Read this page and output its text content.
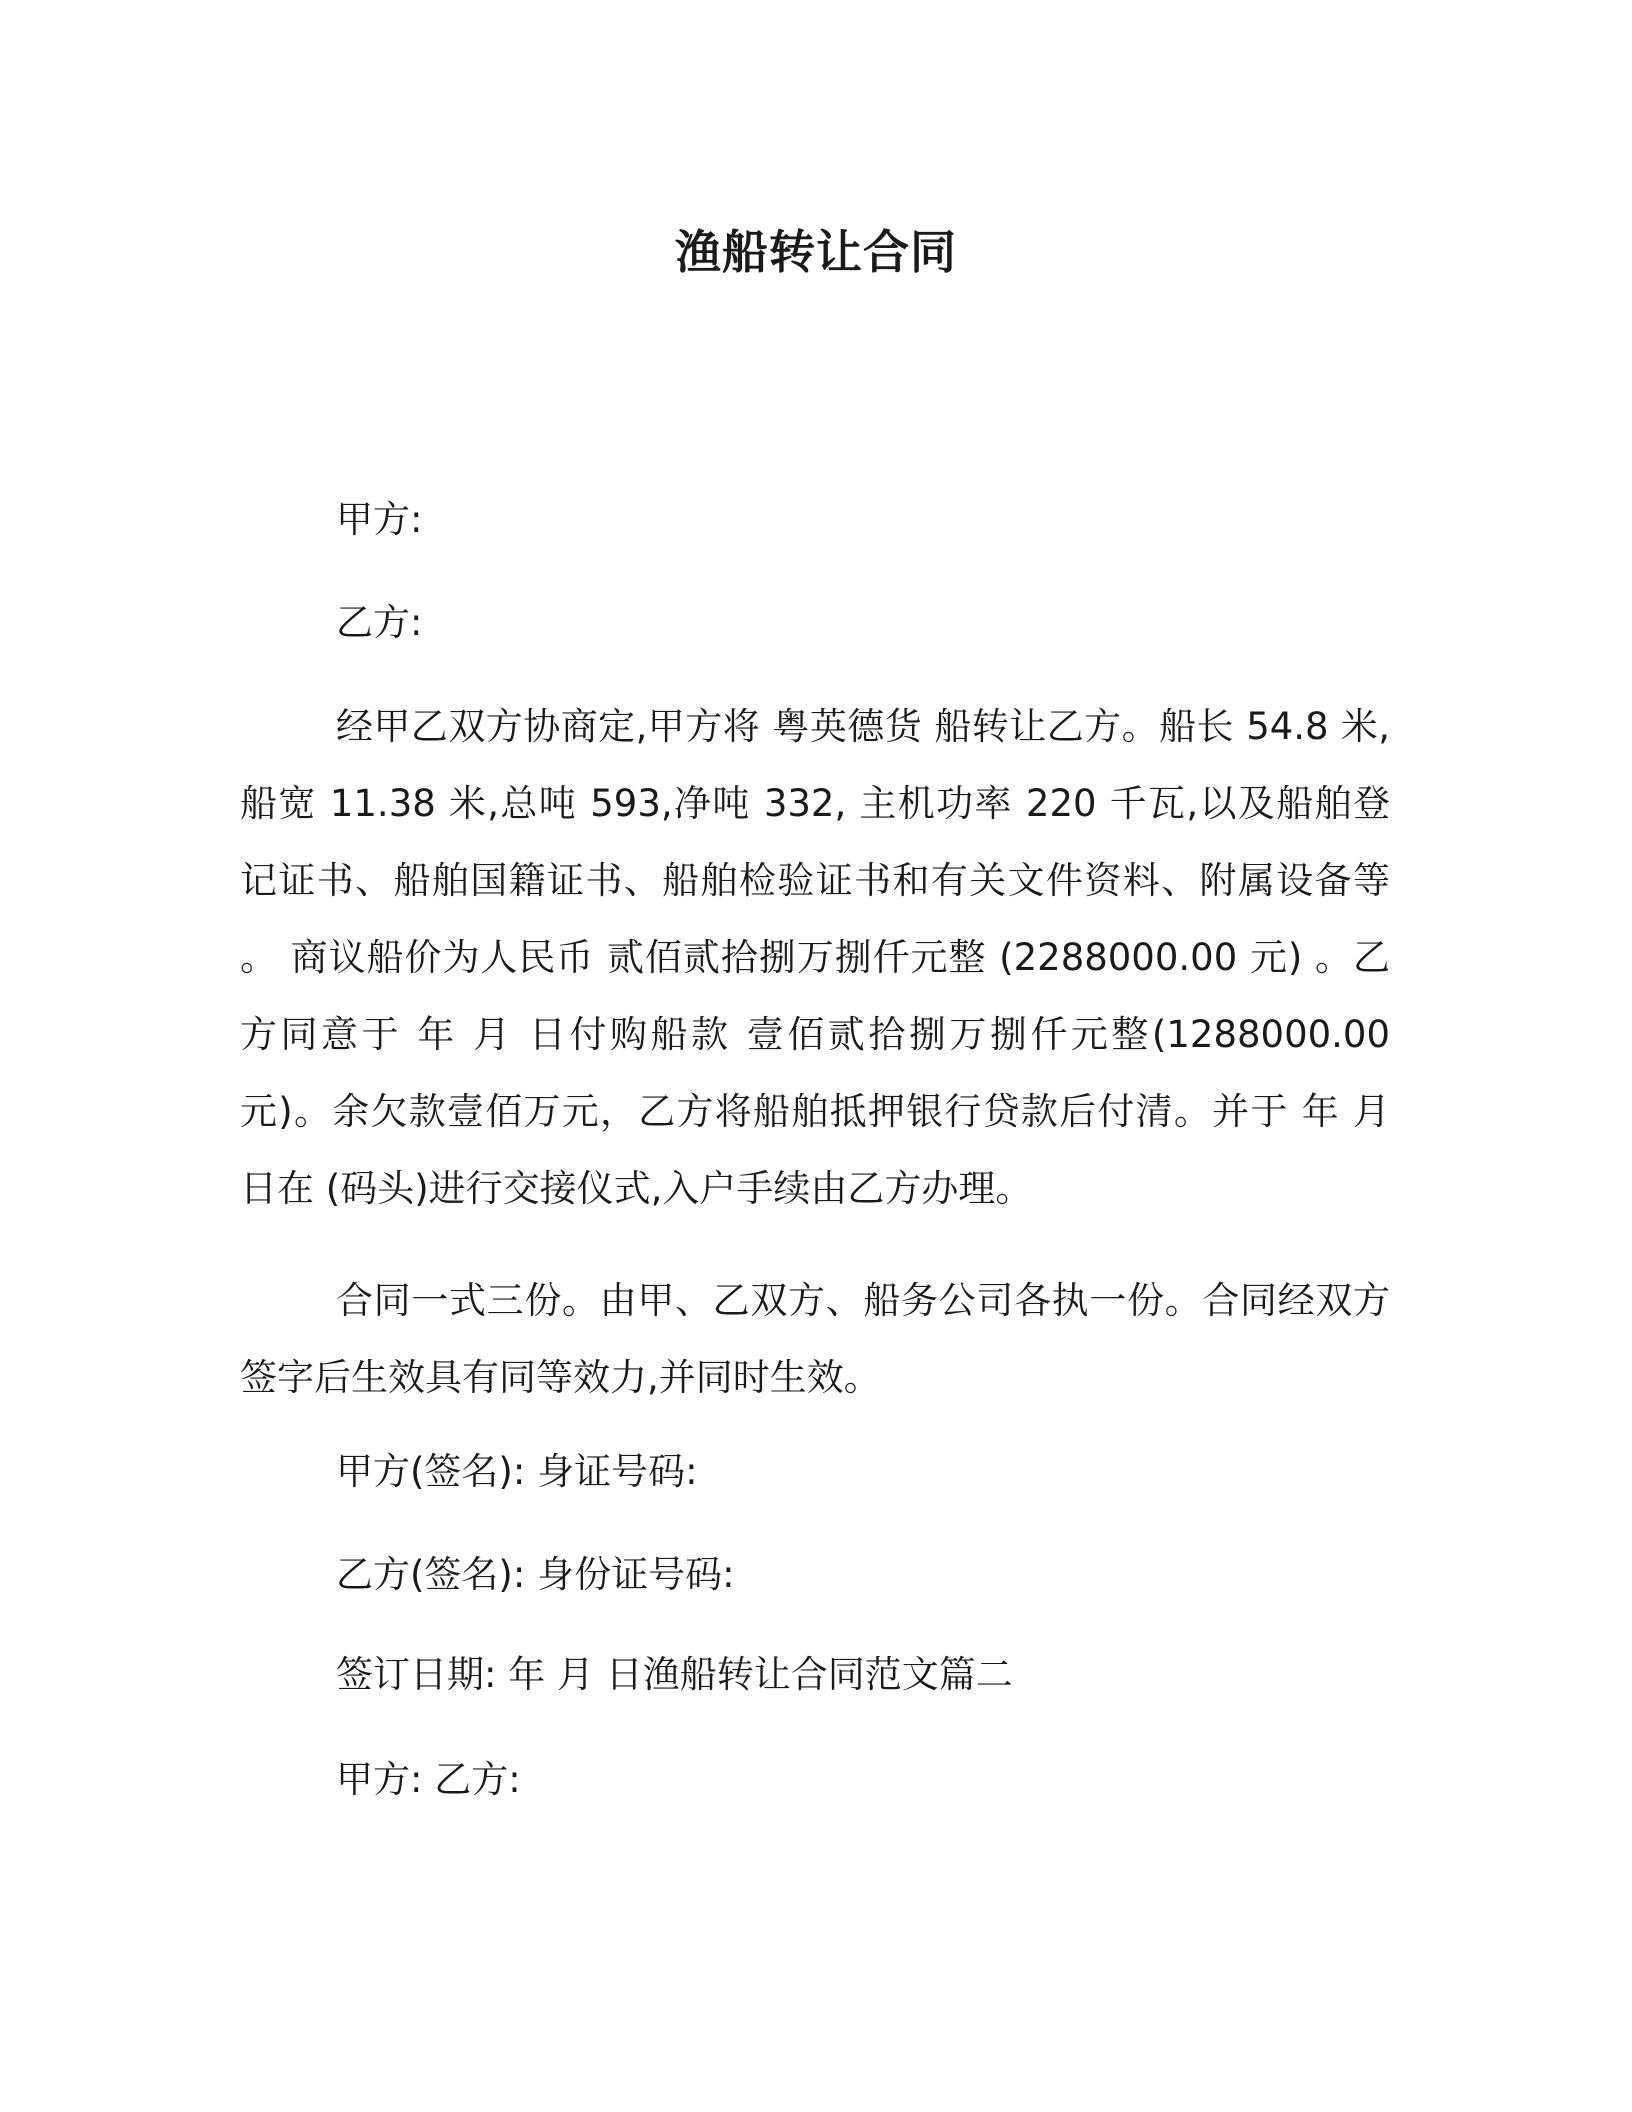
渔船转让合同
甲方:
乙方:

经甲乙双方协商定,甲方将 粤英德货 船转让乙方。船长 54.8 米,船宽 11.38 米,总吨 593,净吨 332, 主机功率 220 千瓦,以及船舶登记证书、船舶国籍证书、船舶检验证书和有关文件资料、附属设备等 。 商议船价为人民币 贰佰贰拾捌万捌仟元整 (2288000.00 元) 。乙方同意于 年 月 日付购船款 壹佰贰拾捌万捌仟元整(1288000.00 元)。余欠款壹佰万元，乙方将船舶抵押银行贷款后付清。并于 年 月 日在 (码头)进行交接仪式,入户手续由乙方办理。

合同一式三份。由甲、乙双方、船务公司各执一份。合同经双方签字后生效具有同等效力,并同时生效。

甲方(签名): 身证号码:
乙方(签名): 身份证号码:
签订日期: 年 月 日渔船转让合同范文篇二
甲方: 乙方:
